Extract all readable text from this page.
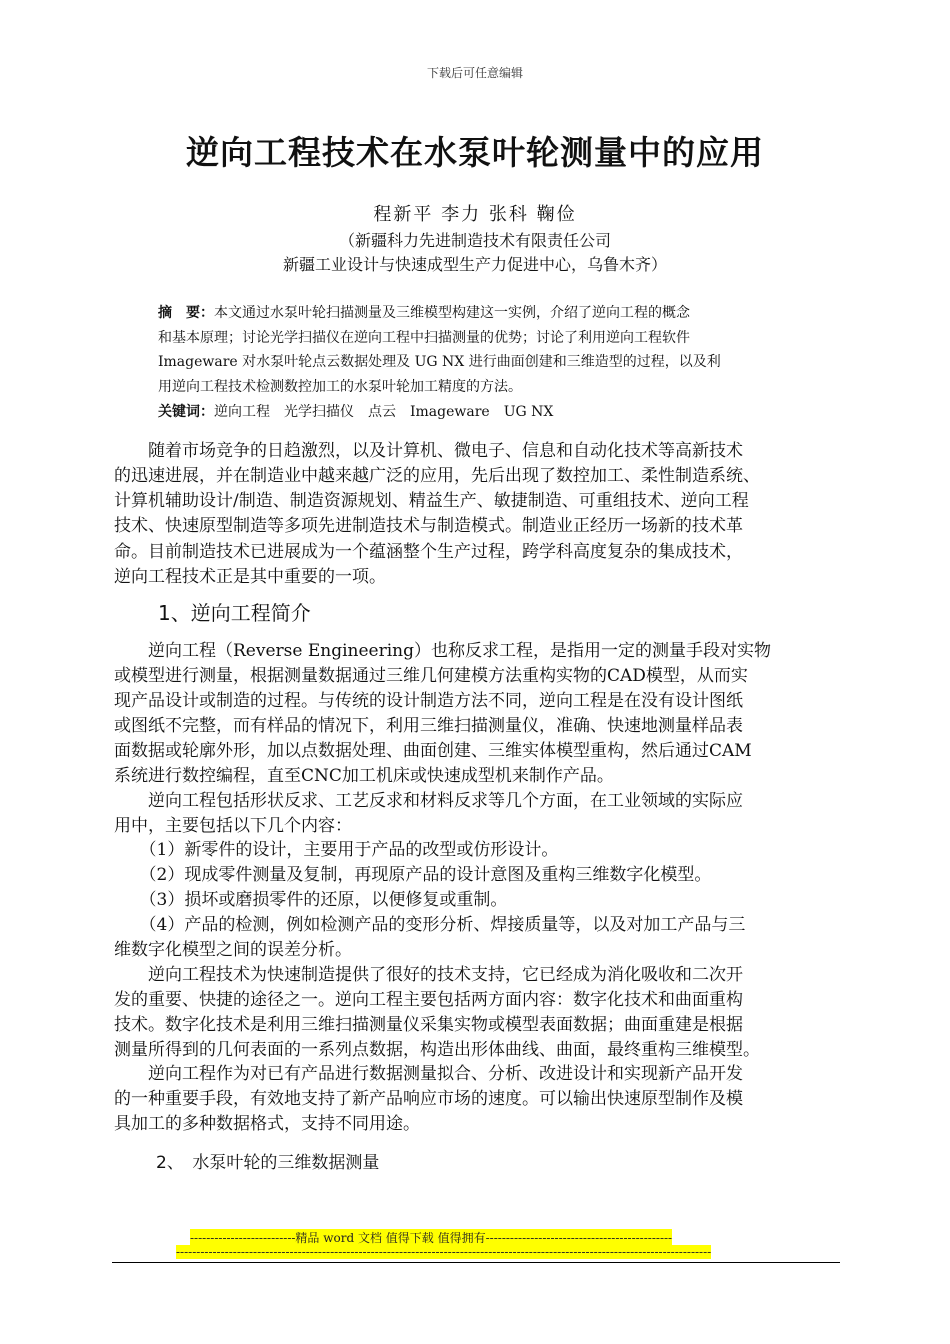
下载后可任意编辑
逆向工程技术在水泵叶轮测量中的应用
程新平 李力 张科 鞠俭
（新疆科力先进制造技术有限责任公司
新疆工业设计与快速成型生产力促进中心，乌鲁木齐）
摘　要：本文通过水泵叶轮扫描测量及三维模型构建这一实例，介绍了逆向工程的概念
和基本原理；讨论光学扫描仪在逆向工程中扫描测量的优势；讨论了利用逆向工程软件
Imageware 对水泵叶轮点云数据处理及 UG NX 进行曲面创建和三维造型的过程，以及利
用逆向工程技术检测数控加工的水泵叶轮加工精度的方法。
关键词：逆向工程　光学扫描仪　点云　Imageware　UG NX
　　随着市场竞争的日趋激烈，以及计算机、微电子、信息和自动化技术等高新技术
的迅速进展，并在制造业中越来越广泛的应用，先后出现了数控加工、柔性制造系统、
计算机辅助设计/制造、制造资源规划、精益生产、敏捷制造、可重组技术、逆向工程
技术、快速原型制造等多项先进制造技术与制造模式。制造业正经历一场新的技术革
命。目前制造技术已进展成为一个蕴涵整个生产过程，跨学科高度复杂的集成技术，
逆向工程技术正是其中重要的一项。
1、逆向工程简介
　　逆向工程（Reverse Engineering）也称反求工程，是指用一定的测量手段对实物
或模型进行测量，根据测量数据通过三维几何建模方法重构实物的CAD模型，从而实
现产品设计或制造的过程。与传统的设计制造方法不同，逆向工程是在没有设计图纸
或图纸不完整，而有样品的情况下，利用三维扫描测量仪，准确、快速地测量样品表
面数据或轮廓外形，加以点数据处理、曲面创建、三维实体模型重构，然后通过CAM
系统进行数控编程，直至CNC加工机床或快速成型机来制作产品。
　　逆向工程包括形状反求、工艺反求和材料反求等几个方面，在工业领域的实际应
用中，主要包括以下几个内容：
　　（1）新零件的设计，主要用于产品的改型或仿形设计。
　　（2）现成零件测量及复制，再现原产品的设计意图及重构三维数字化模型。
　　（3）损坏或磨损零件的还原，以便修复或重制。
　　（4）产品的检测，例如检测产品的变形分析、焊接质量等，以及对加工产品与三
维数字化模型之间的误差分析。
　　逆向工程技术为快速制造提供了很好的技术支持，它已经成为消化吸收和二次开
发的重要、快捷的途径之一。逆向工程主要包括两方面内容：数字化技术和曲面重构
技术。数字化技术是利用三维扫描测量仪采集实物或模型表面数据；曲面重建是根据
测量所得到的几何表面的一系列点数据，构造出形体曲线、曲面，最终重构三维模型。
　　逆向工程作为对已有产品进行数据测量拟合、分析、改进设计和实现新产品开发
的一种重要手段，有效地支持了新产品响应市场的速度。可以输出快速原型制作及模
具加工的多种数据格式，支持不同用途。
2、　水泵叶轮的三维数据测量
--------------------------精品 word 文档 值得下载 值得拥有----------------------------------------------
------------------------------------------------------------------------------------------------------------------------------------
